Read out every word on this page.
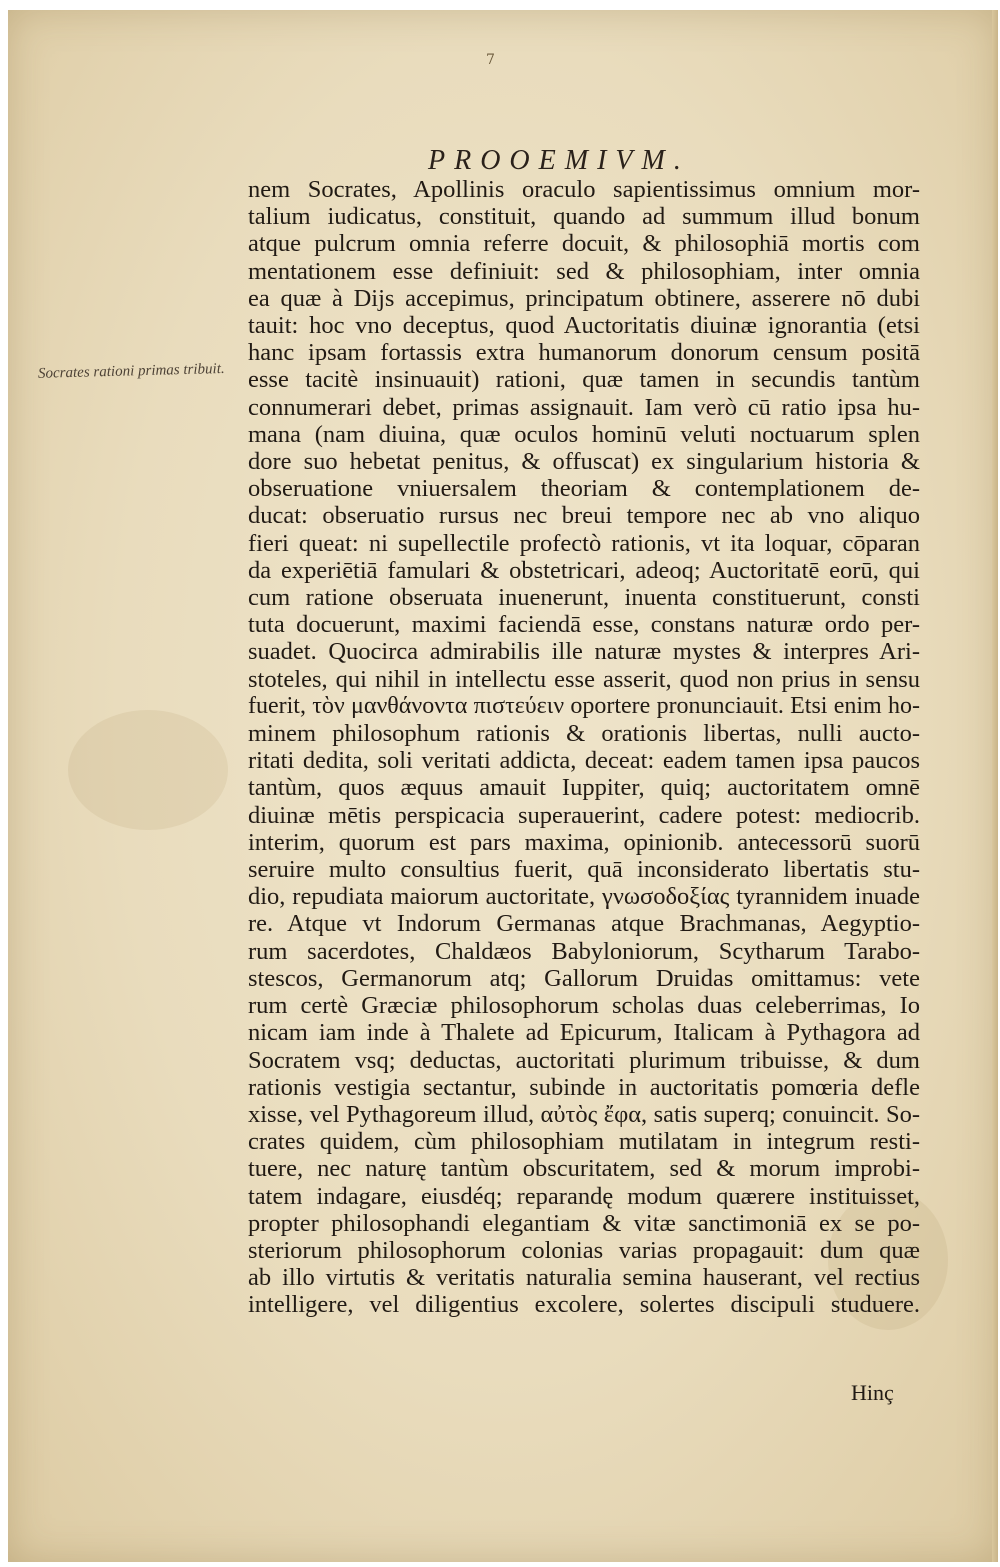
7
PROOEMIVM.
Socrates rationi primas tribuit.
nem Socrates, Apollinis oraculo sapientissimus omnium mor-
talium iudicatus, constituit, quando ad summum illud bonum
atque pulcrum omnia referre docuit, & philosophiā mortis com
mentationem esse definiuit: sed & philosophiam, inter omnia
ea quæ à Dijs accepimus, principatum obtinere, asserere nō dubi
tauit: hoc vno deceptus, quod Auctoritatis diuinæ ignorantia (etsi
hanc ipsam fortassis extra humanorum donorum censum positā
esse tacitè insinuauit) rationi, quæ tamen in secundis tantùm
connumerari debet, primas assignauit. Iam verò cū ratio ipsa hu-
mana (nam diuina, quæ oculos hominū veluti noctuarum splen
dore suo hebetat penitus, & offuscat) ex singularium historia &
obseruatione vniuersalem theoriam & contemplationem de-
ducat: obseruatio rursus nec breui tempore nec ab vno aliquo
fieri queat: ni supellectile profectò rationis, vt ita loquar, cōparan
da experiētiā famulari & obstetricari, adeoq; Auctoritatē eorū, qui
cum ratione obseruata inuenerunt, inuenta constituerunt, consti
tuta docuerunt, maximi faciendā esse, constans naturæ ordo per-
suadet. Quocirca admirabilis ille naturæ mystes & interpres Ari-
stoteles, qui nihil in intellectu esse asserit, quod non prius in sensu
fuerit, τὸν μανθάνοντα πιστεύειν oportere pronunciauit. Etsi enim ho-
minem philosophum rationis & orationis libertas, nulli aucto-
ritati dedita, soli veritati addicta, deceat: eadem tamen ipsa paucos
tantùm, quos æquus amauit Iuppiter, quiq; auctoritatem omnē
diuinæ mētis perspicacia superauerint, cadere potest: mediocrib.
interim, quorum est pars maxima, opinionib. antecessorū suorū
seruire multo consultius fuerit, quā inconsiderato libertatis stu-
dio, repudiata maiorum auctoritate, γνωσοδοξίας tyrannidem inuade
re. Atque vt Indorum Germanas atque Brachmanas, Aegyptio-
rum sacerdotes, Chaldæos Babyloniorum, Scytharum Tarabo-
stescos, Germanorum atq; Gallorum Druidas omittamus: vete
rum certè Græciæ philosophorum scholas duas celeberrimas, Io
nicam iam inde à Thalete ad Epicurum, Italicam à Pythagora ad
Socratem vsq; deductas, auctoritati plurimum tribuisse, & dum
rationis vestigia sectantur, subinde in auctoritatis pomœria defle
xisse, vel Pythagoreum illud, αὐτὸς ἔφα, satis superq; conuincit. So-
crates quidem, cùm philosophiam mutilatam in integrum resti-
tuere, nec naturę tantùm obscuritatem, sed & morum improbi-
tatem indagare, eiusdéq; reparandę modum quærere instituisset,
propter philosophandi elegantiam & vitæ sanctimoniā ex se po-
steriorum philosophorum colonias varias propagauit: dum quæ
ab illo virtutis & veritatis naturalia semina hauserant, vel rectius
intelligere, vel diligentius excolere, solertes discipuli studuere.
Hinç
